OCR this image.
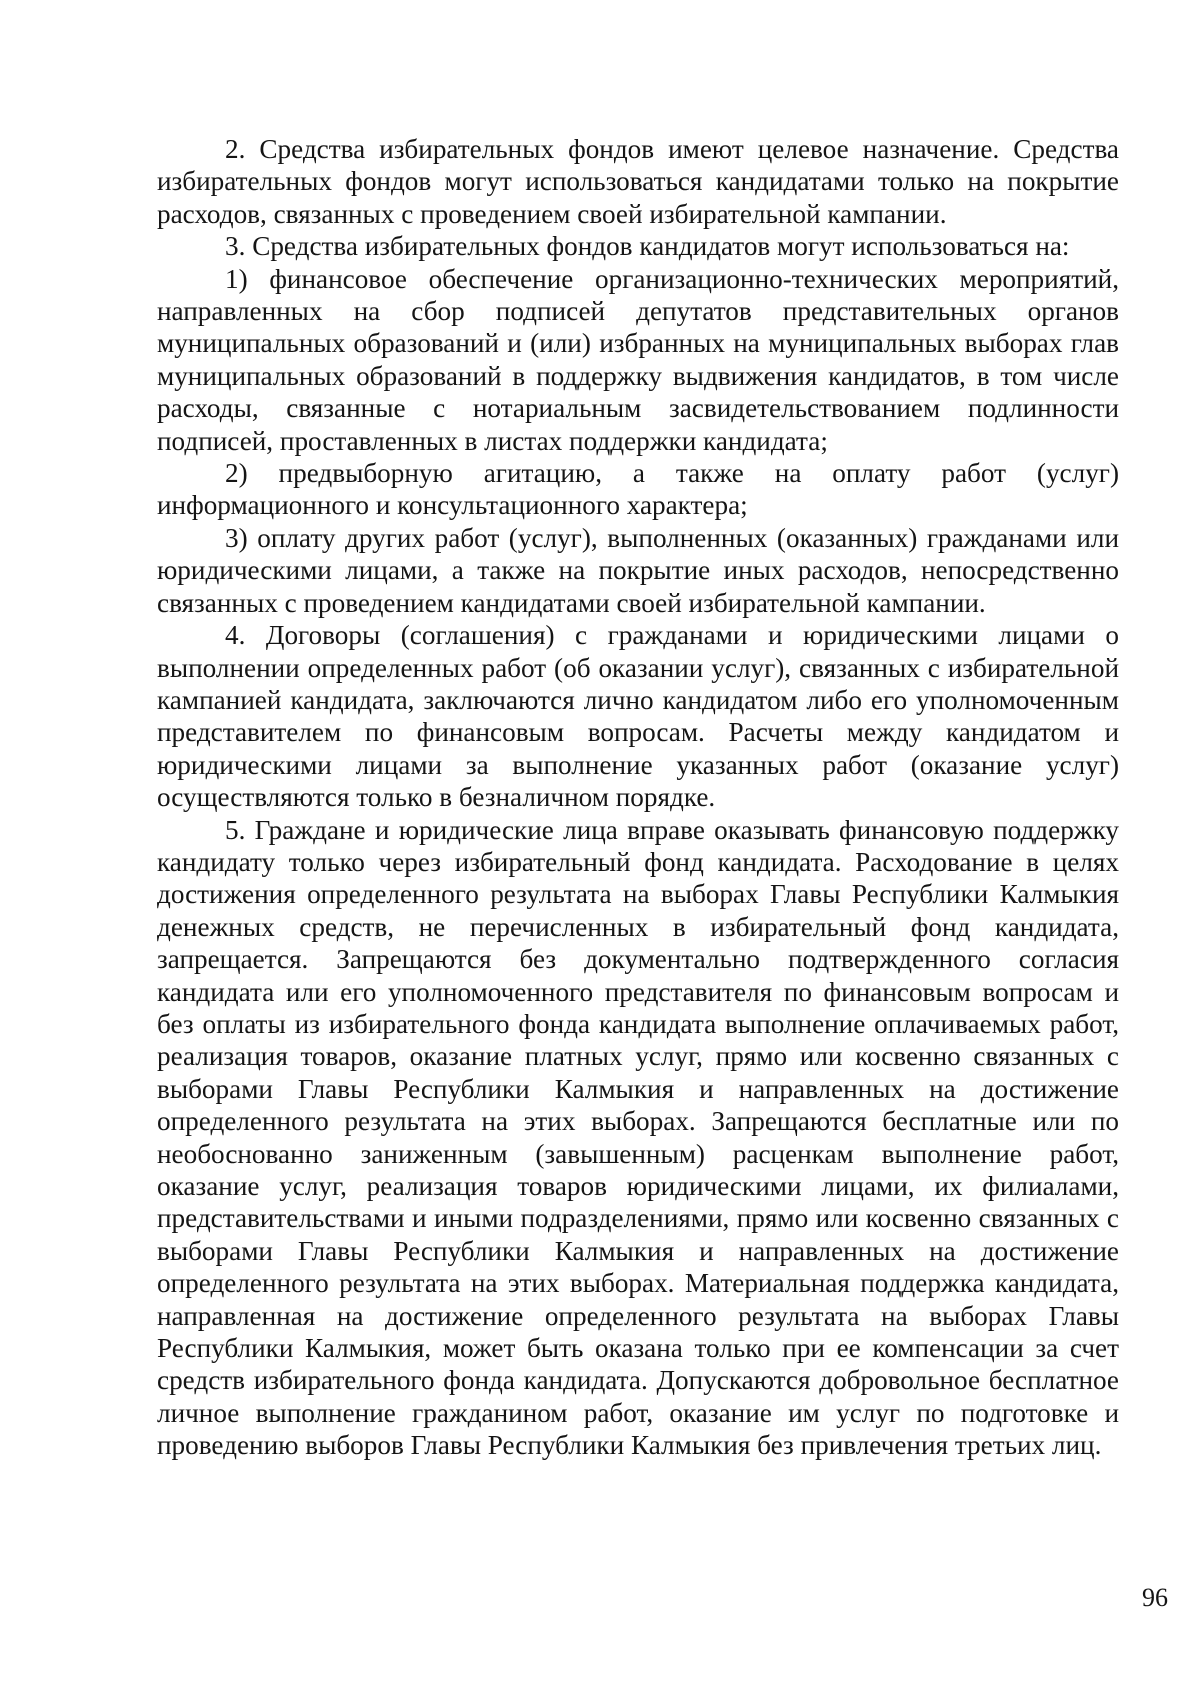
2. Средства избирательных фондов имеют целевое назначение. Средства избирательных фондов могут использоваться кандидатами только на покрытие расходов, связанных с проведением своей избирательной кампании.

3. Средства избирательных фондов кандидатов могут использоваться на:

1) финансовое обеспечение организационно-технических мероприятий, направленных на сбор подписей депутатов представительных органов муниципальных образований и (или) избранных на муниципальных выборах глав муниципальных образований в поддержку выдвижения кандидатов, в том числе расходы, связанные с нотариальным засвидетельствованием подлинности подписей, проставленных в листах поддержки кандидата;

2) предвыборную агитацию, а также на оплату работ (услуг) информационного и консультационного характера;

3) оплату других работ (услуг), выполненных (оказанных) гражданами или юридическими лицами, а также на покрытие иных расходов, непосредственно связанных с проведением кандидатами своей избирательной кампании.

4. Договоры (соглашения) с гражданами и юридическими лицами о выполнении определенных работ (об оказании услуг), связанных с избирательной кампанией кандидата, заключаются лично кандидатом либо его уполномоченным представителем по финансовым вопросам. Расчеты между кандидатом и юридическими лицами за выполнение указанных работ (оказание услуг) осуществляются только в безналичном порядке.

5. Граждане и юридические лица вправе оказывать финансовую поддержку кандидату только через избирательный фонд кандидата. Расходование в целях достижения определенного результата на выборах Главы Республики Калмыкия денежных средств, не перечисленных в избирательный фонд кандидата, запрещается. Запрещаются без документально подтвержденного согласия кандидата или его уполномоченного представителя по финансовым вопросам и без оплаты из избирательного фонда кандидата выполнение оплачиваемых работ, реализация товаров, оказание платных услуг, прямо или косвенно связанных с выборами Главы Республики Калмыкия и направленных на достижение определенного результата на этих выборах. Запрещаются бесплатные или по необоснованно заниженным (завышенным) расценкам выполнение работ, оказание услуг, реализация товаров юридическими лицами, их филиалами, представительствами и иными подразделениями, прямо или косвенно связанных с выборами Главы Республики Калмыкия и направленных на достижение определенного результата на этих выборах. Материальная поддержка кандидата, направленная на достижение определенного результата на выборах Главы Республики Калмыкия, может быть оказана только при ее компенсации за счет средств избирательного фонда кандидата. Допускаются добровольное бесплатное личное выполнение гражданином работ, оказание им услуг по подготовке и проведению выборов Главы Республики Калмыкия без привлечения третьих лиц.

96
